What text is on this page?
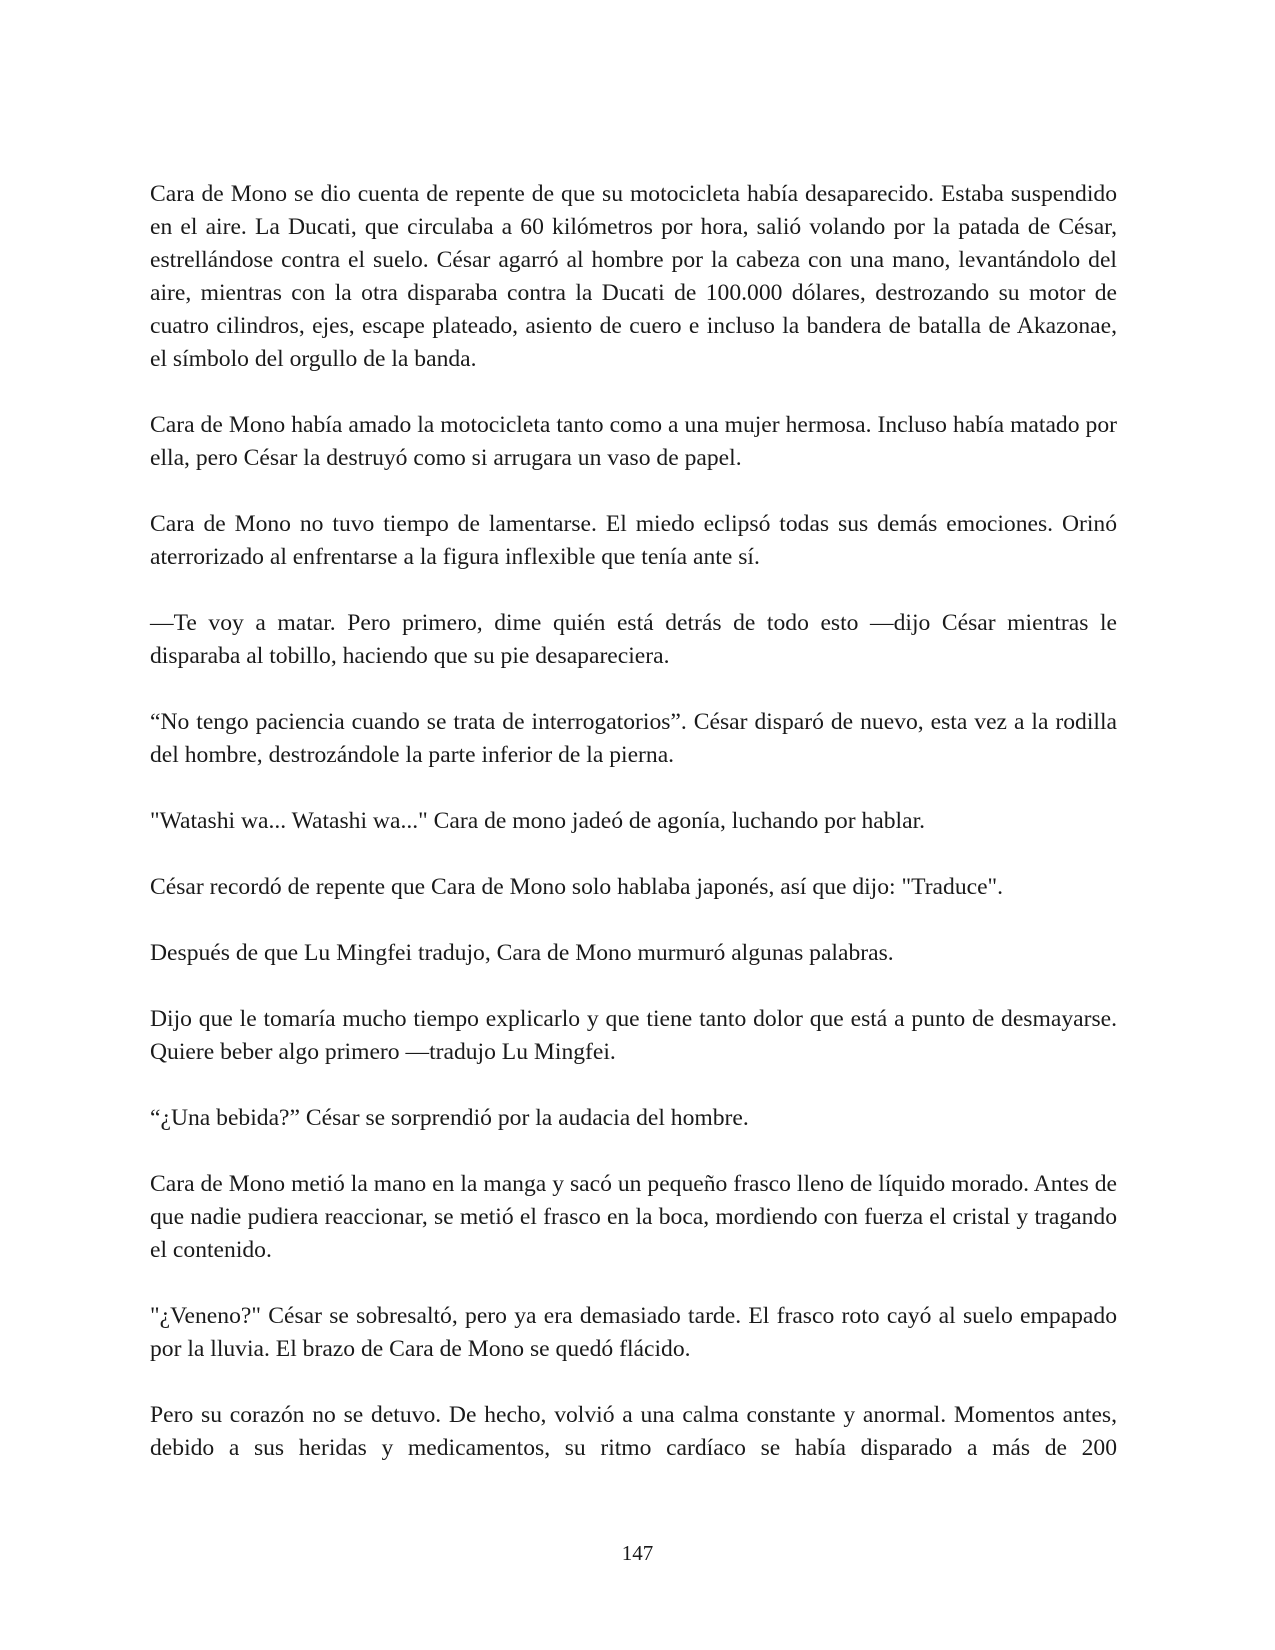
Cara de Mono se dio cuenta de repente de que su motocicleta había desaparecido. Estaba suspendido en el aire. La Ducati, que circulaba a 60 kilómetros por hora, salió volando por la patada de César, estrellándose contra el suelo. César agarró al hombre por la cabeza con una mano, levantándolo del aire, mientras con la otra disparaba contra la Ducati de 100.000 dólares, destrozando su motor de cuatro cilindros, ejes, escape plateado, asiento de cuero e incluso la bandera de batalla de Akazonae, el símbolo del orgullo de la banda.

Cara de Mono había amado la motocicleta tanto como a una mujer hermosa. Incluso había matado por ella, pero César la destruyó como si arrugara un vaso de papel.

Cara de Mono no tuvo tiempo de lamentarse. El miedo eclipsó todas sus demás emociones. Orinó aterrorizado al enfrentarse a la figura inflexible que tenía ante sí.

—Te voy a matar. Pero primero, dime quién está detrás de todo esto —dijo César mientras le disparaba al tobillo, haciendo que su pie desapareciera.

“No tengo paciencia cuando se trata de interrogatorios”. César disparó de nuevo, esta vez a la rodilla del hombre, destrozándole la parte inferior de la pierna.

"Watashi wa... Watashi wa..." Cara de mono jadeó de agonía, luchando por hablar.

César recordó de repente que Cara de Mono solo hablaba japonés, así que dijo: "Traduce".

Después de que Lu Mingfei tradujo, Cara de Mono murmuró algunas palabras.

Dijo que le tomaría mucho tiempo explicarlo y que tiene tanto dolor que está a punto de desmayarse. Quiere beber algo primero —tradujo Lu Mingfei.

“¿Una bebida?” César se sorprendió por la audacia del hombre.

Cara de Mono metió la mano en la manga y sacó un pequeño frasco lleno de líquido morado. Antes de que nadie pudiera reaccionar, se metió el frasco en la boca, mordiendo con fuerza el cristal y tragando el contenido.

"¿Veneno?" César se sobresaltó, pero ya era demasiado tarde. El frasco roto cayó al suelo empapado por la lluvia. El brazo de Cara de Mono se quedó flácido.

Pero su corazón no se detuvo. De hecho, volvió a una calma constante y anormal. Momentos antes, debido a sus heridas y medicamentos, su ritmo cardíaco se había disparado a más de 200

147
